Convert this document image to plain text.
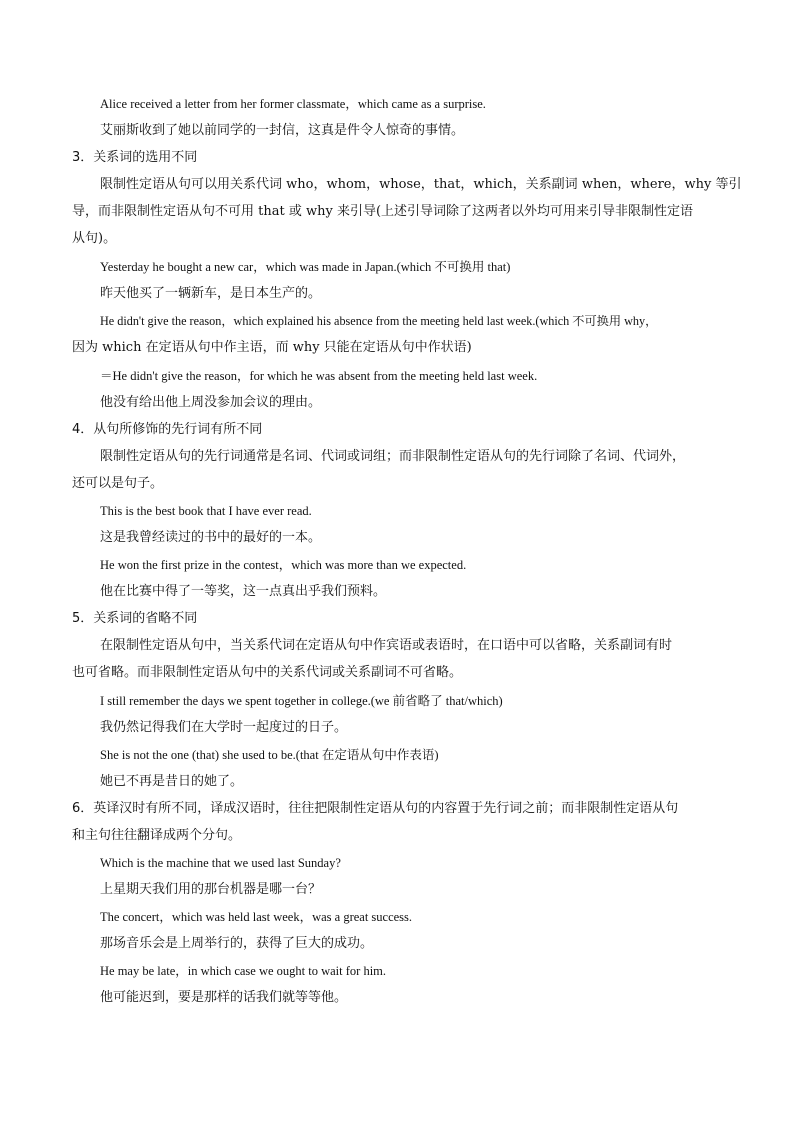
Alice received a letter from her former classmate，which came as a surprise.
艾丽斯收到了她以前同学的一封信，这真是件令人惊奇的事情。
3．关系词的选用不同
限制性定语从句可以用关系代词 who，whom，whose，that，which，关系副词 when，where，why 等引
导，而非限制性定语从句不可用 that 或 why 来引导(上述引导词除了这两者以外均可用来引导非限制性定语
从句)。
Yesterday he bought a new car，which was made in Japan.(which 不可换用 that)
昨天他买了一辆新车，是日本生产的。
He didn't give the reason，which explained his absence from the meeting held last week.(which 不可换用 why，
因为 which 在定语从句中作主语，而 why 只能在定语从句中作状语)
＝He didn't give the reason，for which he was absent from the meeting held last week.
他没有给出他上周没参加会议的理由。
4．从句所修饰的先行词有所不同
限制性定语从句的先行词通常是名词、代词或词组；而非限制性定语从句的先行词除了名词、代词外，
还可以是句子。
This is the best book that I have ever read.
这是我曾经读过的书中的最好的一本。
He won the first prize in the contest，which was more than we expected.
他在比赛中得了一等奖，这一点真出乎我们预料。
5．关系词的省略不同
在限制性定语从句中，当关系代词在定语从句中作宾语或表语时，在口语中可以省略，关系副词有时
也可省略。而非限制性定语从句中的关系代词或关系副词不可省略。
I still remember the days we spent together in college.(we 前省略了 that/which)
我仍然记得我们在大学时一起度过的日子。
She is not the one (that) she used to be.(that 在定语从句中作表语)
她已不再是昔日的她了。
6．英译汉时有所不同，译成汉语时，往往把限制性定语从句的内容置于先行词之前；而非限制性定语从句
和主句往往翻译成两个分句。
Which is the machine that we used last Sunday?
上星期天我们用的那台机器是哪一台？
The concert，which was held last week，was a great success.
那场音乐会是上周举行的，获得了巨大的成功。
He may be late，in which case we ought to wait for him.
他可能迟到，要是那样的话我们就等等他。
